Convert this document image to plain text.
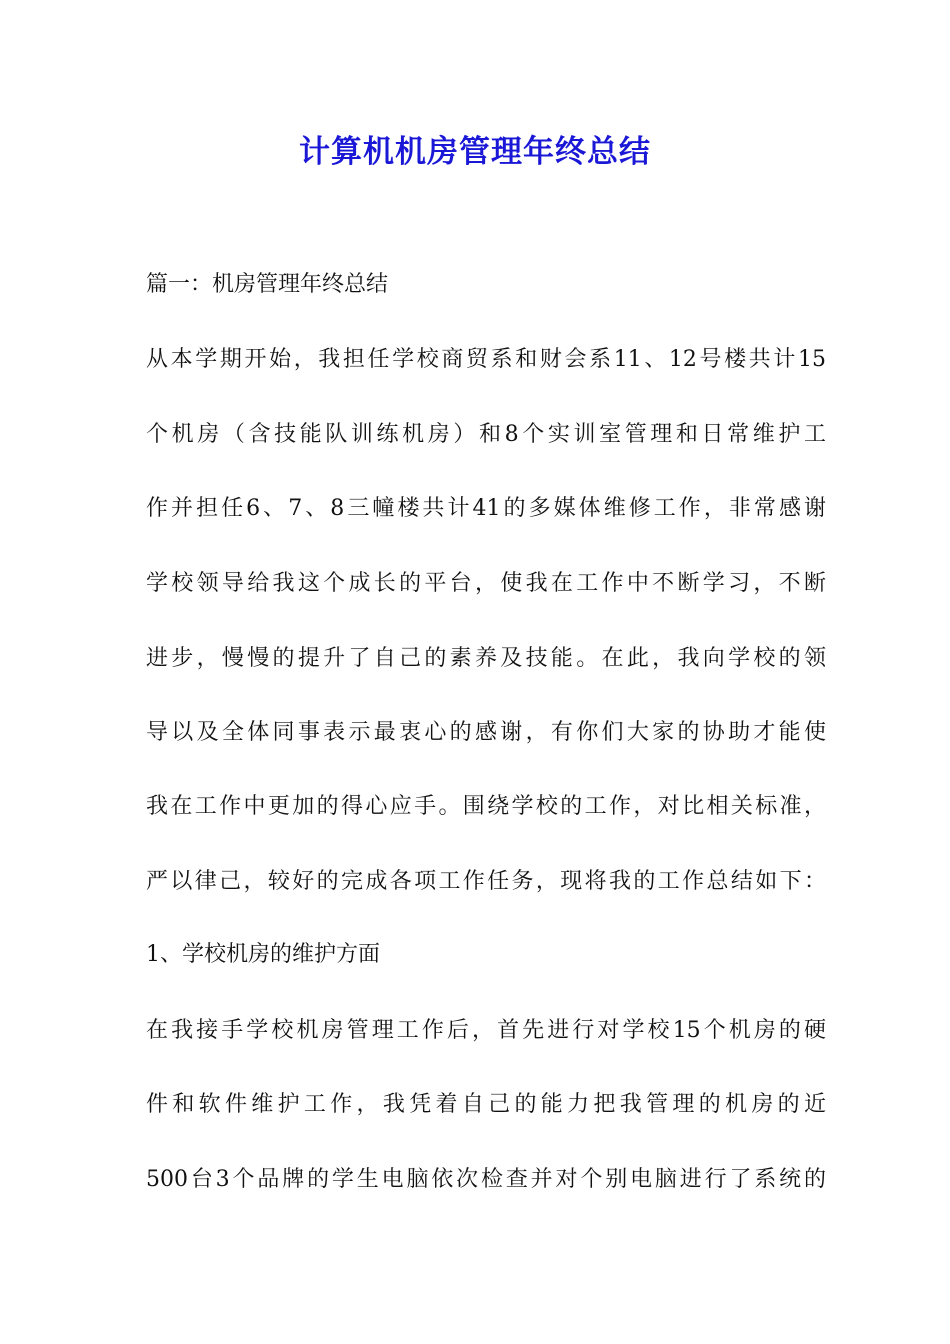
计算机机房管理年终总结

篇一：机房管理年终总结

从本学期开始，我担任学校商贸系和财会系11、12号楼共计15

个机房（含技能队训练机房）和8个实训室管理和日常维护工

作并担任6、7、8三幢楼共计41的多媒体维修工作，非常感谢

学校领导给我这个成长的平台，使我在工作中不断学习，不断

进步，慢慢的提升了自己的素养及技能。在此，我向学校的领

导以及全体同事表示最衷心的感谢，有你们大家的协助才能使

我在工作中更加的得心应手。围绕学校的工作，对比相关标准，

严以律己，较好的完成各项工作任务，现将我的工作总结如下：

1、学校机房的维护方面

在我接手学校机房管理工作后，首先进行对学校15个机房的硬

件和软件维护工作，我凭着自己的能力把我管理的机房的近

500台3个品牌的学生电脑依次检查并对个别电脑进行了系统的
